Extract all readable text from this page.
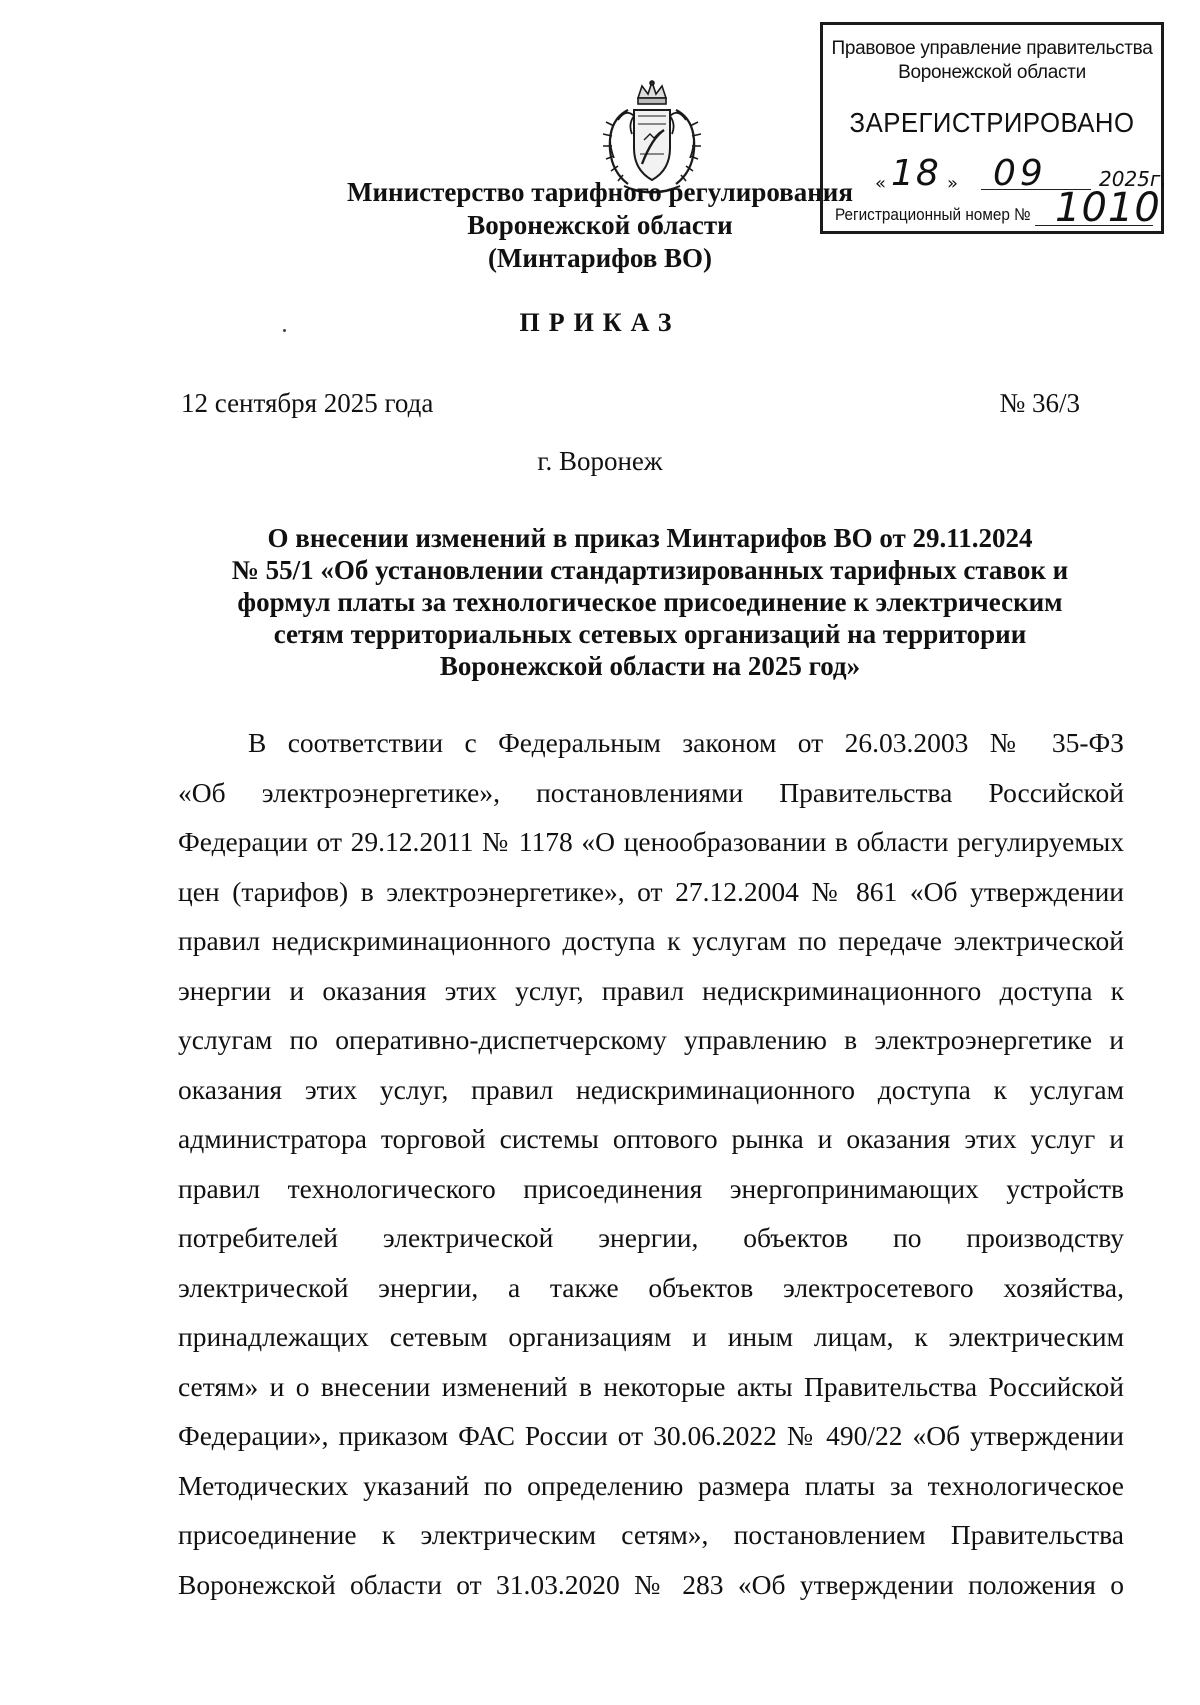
Министерство тарифного регулирования
Воронежской области
(Минтарифов ВО)
Правовое управление правительства
Воронежской области
ЗАРЕГИСТРИРОВАНО
« 18 » 09	2025г.
Регистрационный номер № 1010
ПРИКАЗ
12 сентября 2025 года	№ 36/3
г. Воронеж
О внесении изменений в приказ Минтарифов ВО от 29.11.2024
№ 55/1 «Об установлении стандартизированных тарифных ставок и
формул платы за технологическое присоединение к электрическим
сетям территориальных сетевых организаций на территории
Воронежской области на 2025 год»
В соответствии с Федеральным законом от 26.03.2003 № 35-ФЗ
«Об электроэнергетике», постановлениями Правительства Российской
Федерации от 29.12.2011 № 1178 «О ценообразовании в области регулируемых
цен (тарифов) в электроэнергетике», от 27.12.2004 № 861 «Об утверждении
правил недискриминационного доступа к услугам по передаче электрической
энергии и оказания этих услуг, правил недискриминационного доступа к
услугам по оперативно-диспетчерскому управлению в электроэнергетике и
оказания этих услуг, правил недискриминационного доступа к услугам
администратора торговой системы оптового рынка и оказания этих услуг и
правил технологического присоединения энергопринимающих устройств
потребителей электрической энергии, объектов по производству
электрической энергии, а также объектов электросетевого хозяйства,
принадлежащих сетевым организациям и иным лицам, к электрическим
сетям» и о внесении изменений в некоторые акты Правительства Российской
Федерации», приказом ФАС России от 30.06.2022 № 490/22 «Об утверждении
Методических указаний по определению размера платы за технологическое
присоединение к электрическим сетям», постановлением Правительства
Воронежской области от 31.03.2020 № 283 «Об утверждении положения о
